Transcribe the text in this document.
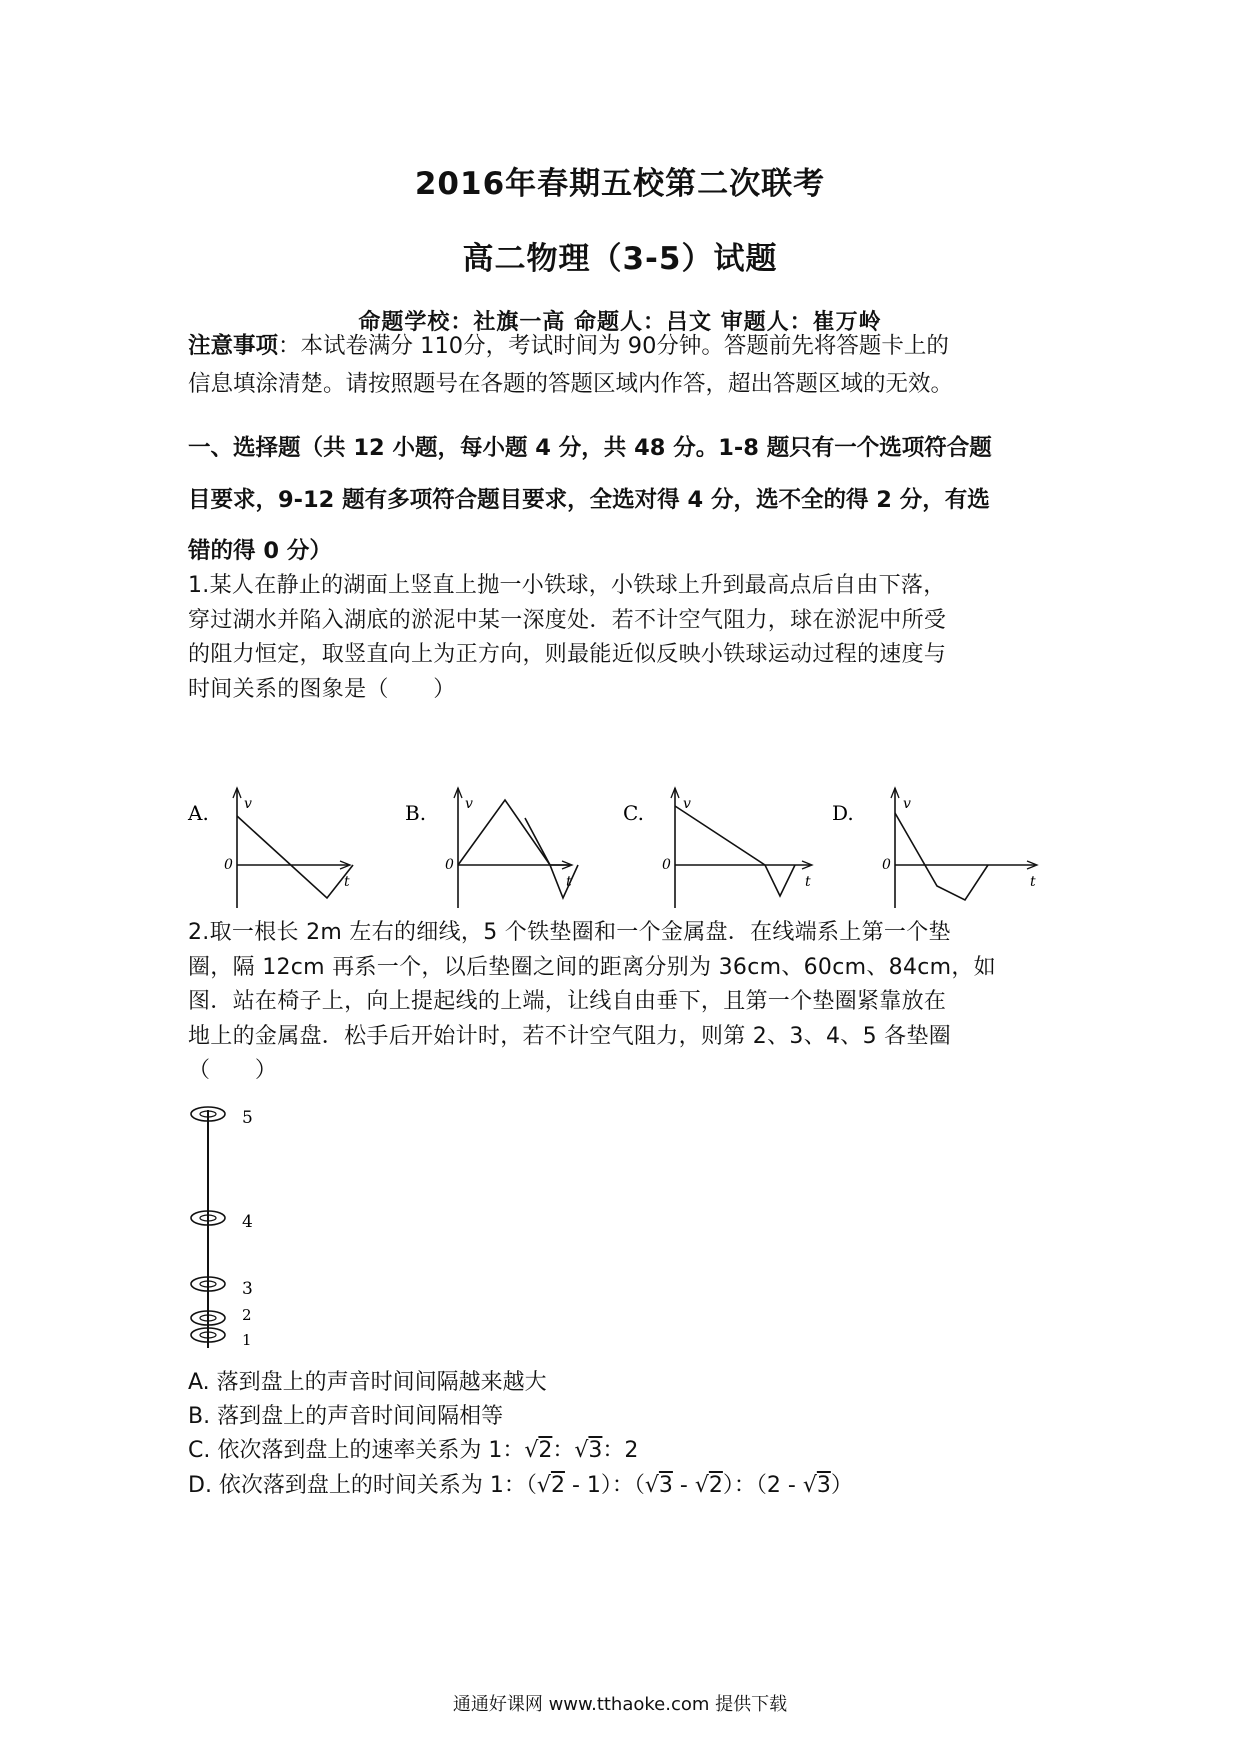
2016年春期五校第二次联考
高二物理（3-5）试题
命题学校：社旗一高 命题人：吕文 审题人：崔万岭
注意事项：本试卷满分 110分，考试时间为 90分钟。答题前先将答题卡上的
信息填涂清楚。请按照题号在各题的答题区域内作答，超出答题区域的无效。
一、选择题（共 12 小题，每小题 4 分，共 48 分。1-8 题只有一个选项符合题
目要求，9-12 题有多项符合题目要求，全选对得 4 分，选不全的得 2 分，有选
错的得 0 分）
1.某人在静止的湖面上竖直上抛一小铁球，小铁球上升到最高点后自由下落，
穿过湖水并陷入湖底的淤泥中某一深度处．若不计空气阻力，球在淤泥中所受
的阻力恒定，取竖直向上为正方向，则最能近似反映小铁球运动过程的速度与
时间关系的图象是（　　）
A.	v
0
t
B.	v
0
t
C.	v
0
t
D.	v
0
t
2.取一根长 2m 左右的细线，5 个铁垫圈和一个金属盘．在线端系上第一个垫
圈，隔 12cm 再系一个，以后垫圈之间的距离分别为 36cm、60cm、84cm，如
图．站在椅子上，向上提起线的上端，让线自由垂下，且第一个垫圈紧靠放在
地上的金属盘．松手后开始计时，若不计空气阻力，则第 2、3、4、5 各垫圈
（　　）
5
4
3
2
1
A. 落到盘上的声音时间间隔越来越大
B. 落到盘上的声音时间间隔相等
C. 依次落到盘上的速率关系为 1：√2：√3：2
D. 依次落到盘上的时间关系为 1：（√2 - 1）：（√3 - √2）：（2 - √3）
通通好课网 www.tthaoke.com 提供下载
